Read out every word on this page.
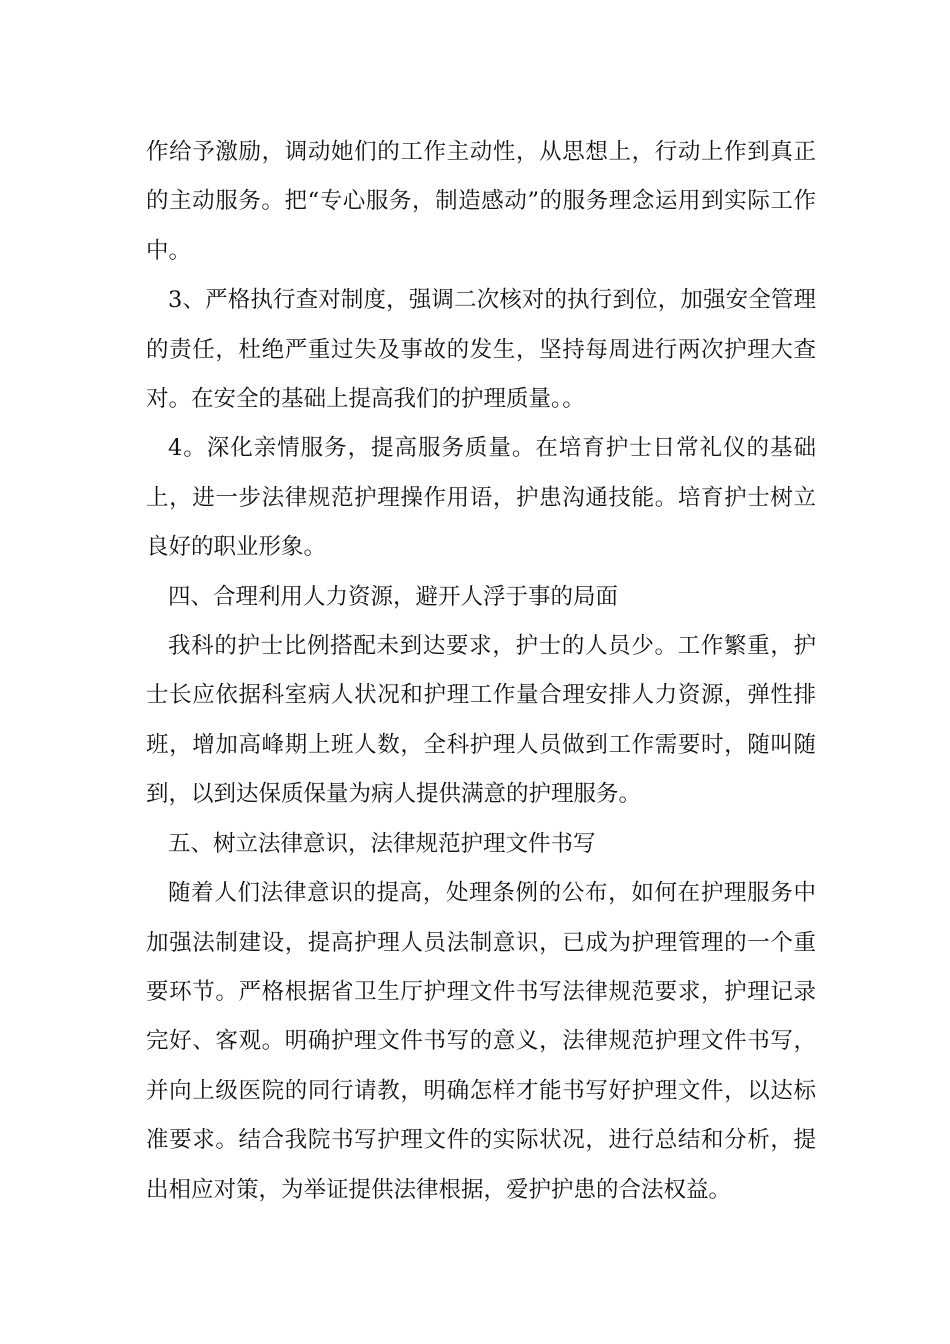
作给予激励，调动她们的工作主动性，从思想上，行动上作到真正的主动服务。把“专心服务，制造感动”的服务理念运用到实际工作中。

3、严格执行查对制度，强调二次核对的执行到位，加强安全管理的责任，杜绝严重过失及事故的发生，坚持每周进行两次护理大查对。在安全的基础上提高我们的护理质量。。

4。深化亲情服务，提高服务质量。在培育护士日常礼仪的基础上，进一步法律规范护理操作用语，护患沟通技能。培育护士树立良好的职业形象。

四、合理利用人力资源，避开人浮于事的局面

我科的护士比例搭配未到达要求，护士的人员少。工作繁重，护士长应依据科室病人状况和护理工作量合理安排人力资源，弹性排班，增加高峰期上班人数，全科护理人员做到工作需要时，随叫随到，以到达保质保量为病人提供满意的护理服务。

五、树立法律意识，法律规范护理文件书写

随着人们法律意识的提高，处理条例的公布，如何在护理服务中加强法制建设，提高护理人员法制意识，已成为护理管理的一个重要环节。严格根据省卫生厅护理文件书写法律规范要求，护理记录完好、客观。明确护理文件书写的意义，法律规范护理文件书写，并向上级医院的同行请教，明确怎样才能书写好护理文件，以达标准要求。结合我院书写护理文件的实际状况，进行总结和分析，提出相应对策，为举证提供法律根据，爱护护患的合法权益。
